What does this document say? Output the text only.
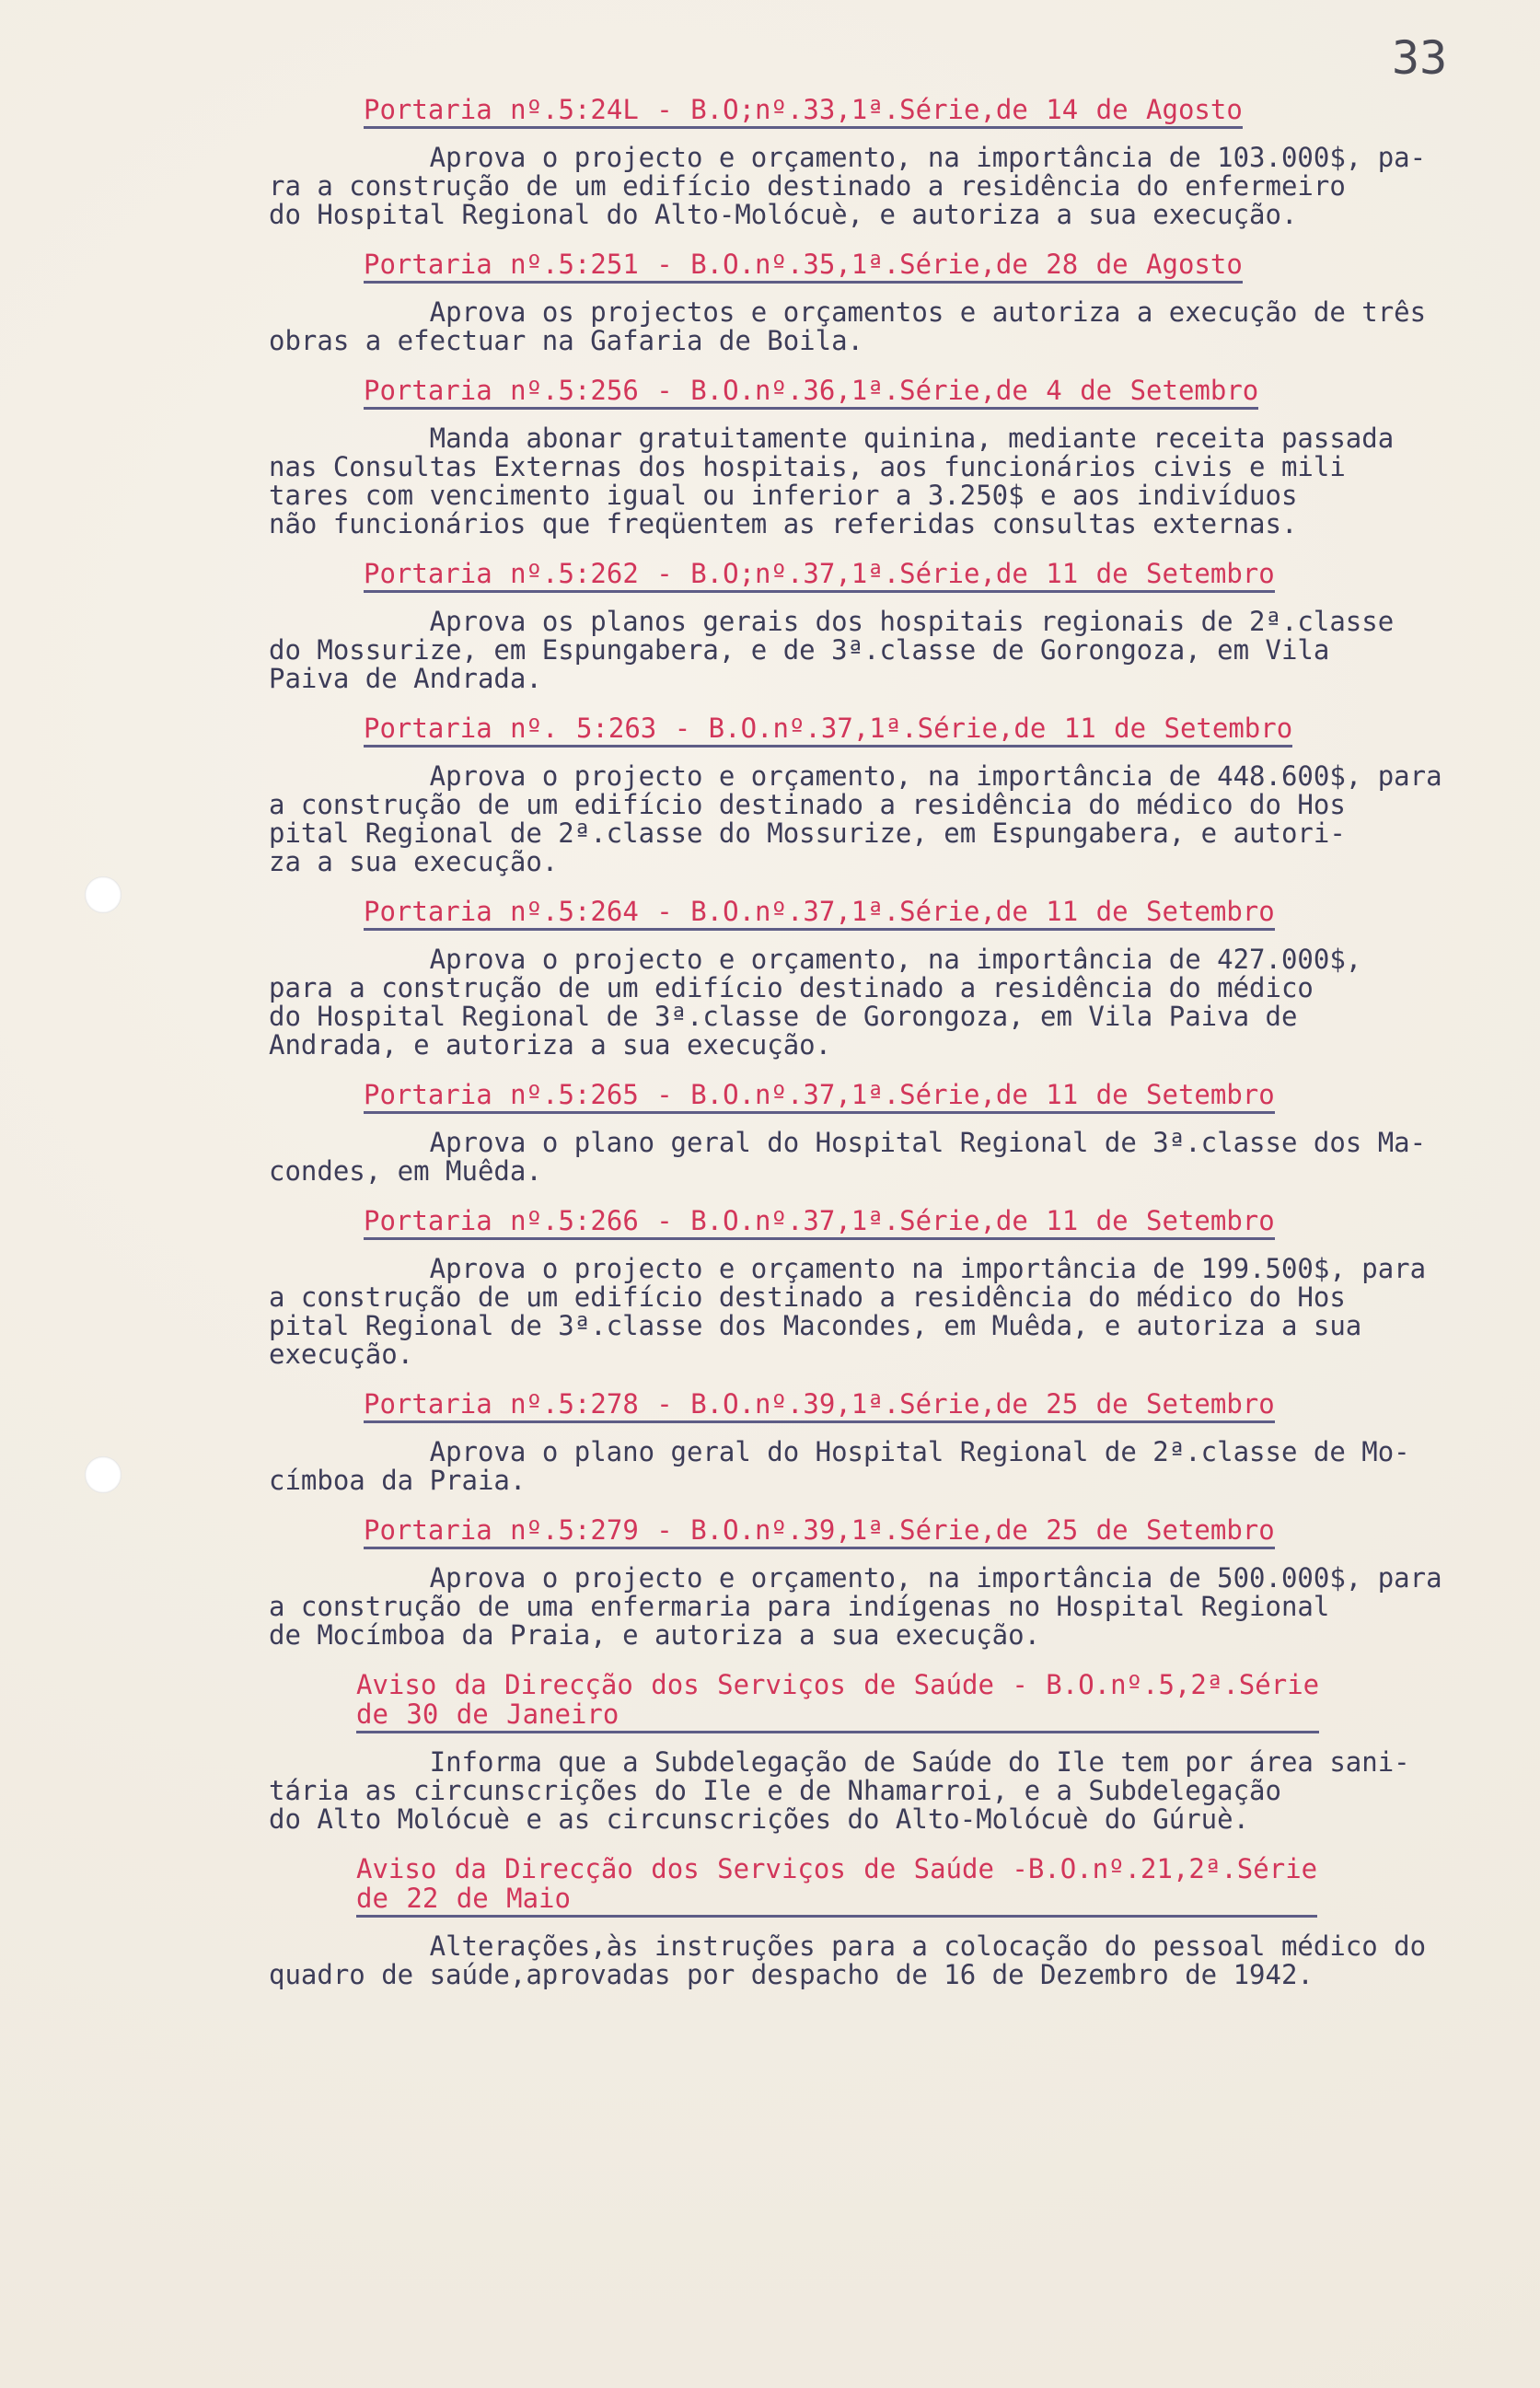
33

Portaria nº.5:24L - B.O;nº.33,1ª.Série,de 14 de Agosto

Aprova o projecto e orçamento, na importância de 103.000$, pa-
ra a construção de um edifício destinado a residência do enfermeiro
do Hospital Regional do Alto-Molócuè, e autoriza a sua execução.

Portaria nº.5:251 - B.O.nº.35,1ª.Série,de 28 de Agosto

Aprova os projectos e orçamentos e autoriza a execução de três
obras a efectuar na Gafaria de Boila.

Portaria nº.5:256 - B.O.nº.36,1ª.Série,de 4 de Setembro

Manda abonar gratuitamente quinina, mediante receita passada
nas Consultas Externas dos hospitais, aos funcionários civis e mili
tares com vencimento igual ou inferior a 3.250$ e aos indivíduos
não funcionários que freqüentem as referidas consultas externas.

Portaria nº.5:262 - B.O;nº.37,1ª.Série,de 11 de Setembro

Aprova os planos gerais dos hospitais regionais de 2ª.classe
do Mossurize, em Espungabera, e de 3ª.classe de Gorongoza, em Vila
Paiva de Andrada.

Portaria nº. 5:263 - B.O.nº.37,1ª.Série,de 11 de Setembro

Aprova o projecto e orçamento, na importância de 448.600$, para
a construção de um edifício destinado a residência do médico do Hos
pital Regional de 2ª.classe do Mossurize, em Espungabera, e autori-
za a sua execução.

Portaria nº.5:264 - B.O.nº.37,1ª.Série,de 11 de Setembro

Aprova o projecto e orçamento, na importância de 427.000$,
para a construção de um edifício destinado a residência do médico
do Hospital Regional de 3ª.classe de Gorongoza, em Vila Paiva de
Andrada, e autoriza a sua execução.

Portaria nº.5:265 - B.O.nº.37,1ª.Série,de 11 de Setembro

Aprova o plano geral do Hospital Regional de 3ª.classe dos Ma-
condes, em Muêda.

Portaria nº.5:266 - B.O.nº.37,1ª.Série,de 11 de Setembro

Aprova o projecto e orçamento na importância de 199.500$, para
a construção de um edifício destinado a residência do médico do Hos
pital Regional de 3ª.classe dos Macondes, em Muêda, e autoriza a sua
execução.

Portaria nº.5:278 - B.O.nº.39,1ª.Série,de 25 de Setembro

Aprova o plano geral do Hospital Regional de 2ª.classe de Mo-
címboa da Praia.

Portaria nº.5:279 - B.O.nº.39,1ª.Série,de 25 de Setembro

Aprova o projecto e orçamento, na importância de 500.000$, para
a construção de uma enfermaria para indígenas no Hospital Regional
de Mocímboa da Praia, e autoriza a sua execução.

Aviso da Direcção dos Serviços de Saúde - B.O.nº.5,2ª.Série
de 30 de Janeiro

Informa que a Subdelegação de Saúde do Ile tem por área sani-
tária as circunscrições do Ile e de Nhamarroi, e a Subdelegação
do Alto Molócuè e as circunscrições do Alto-Molócuè do Gúruè.

Aviso da Direcção dos Serviços de Saúde -B.O.nº.21,2ª.Série
de 22 de Maio

Alterações,às instruções para a colocação do pessoal médico do
quadro de saúde,aprovadas por despacho de 16 de Dezembro de 1942.
